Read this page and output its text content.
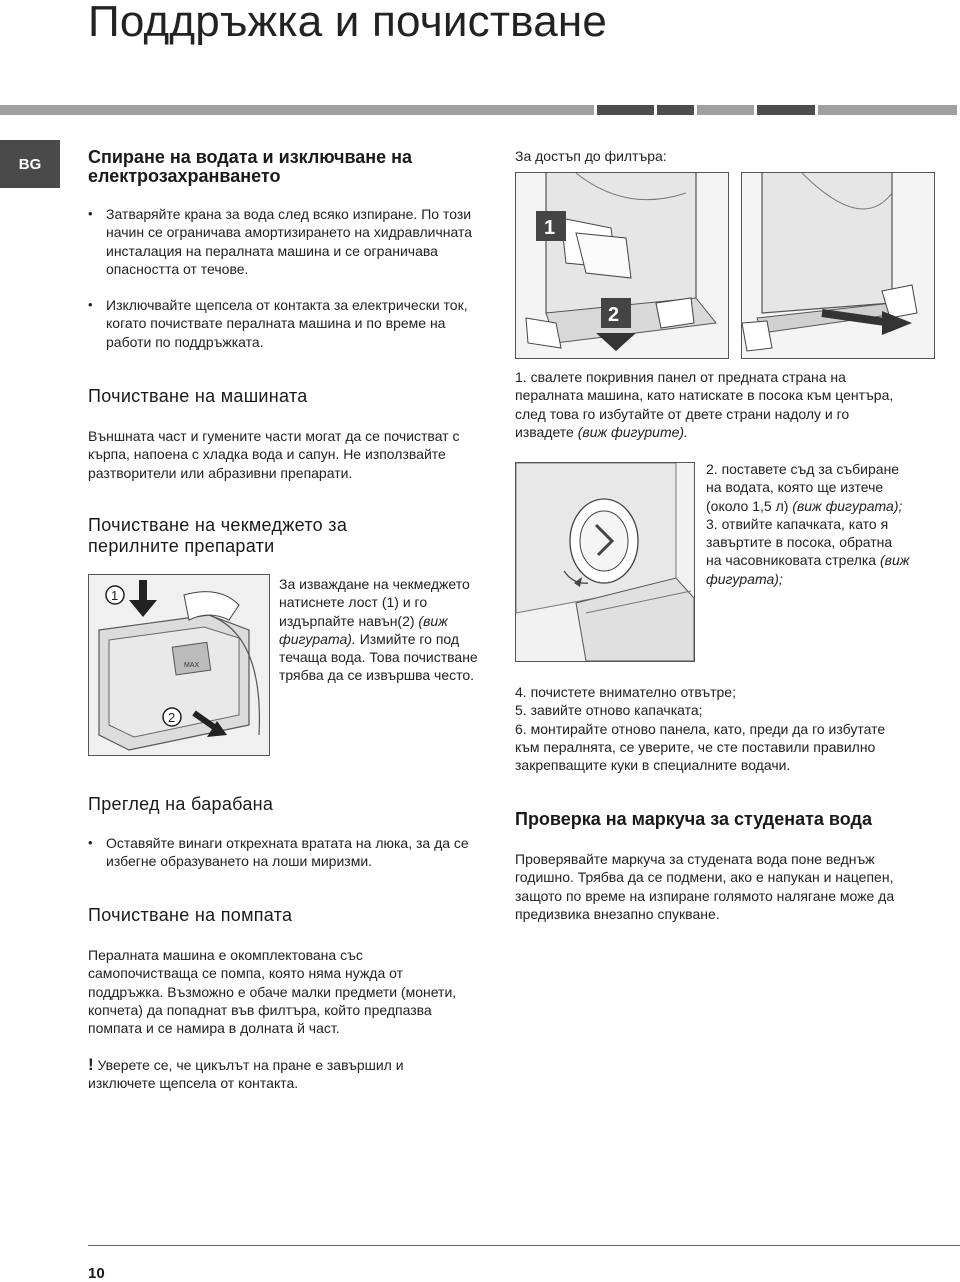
Поддръжка и почистване
BG	Спиране на водата и изключване на
електрозахранването
• Затваряйте крана за вода след всяко изпиране. По този начин се ограничава амортизирането на хидравличната инсталация на пералната машина и се ограничава опасността от течове.
• Изключвайте щепсела от контакта за електрически ток, когато почиствате пералната машина и по време на работи по поддръжката.
Почистване на машината
Външната част и гумените части могат да се почистват с кърпа, напоена с хладка вода и сапун. Не използвайте разтворители или абразивни препарати.
Почистване на чекмеджето за
перилните препарати
MAX
1
2
За изваждане на чекмеджето натиснете лост (1) и го издърпайте навън(2) (виж фигурата). Измийте го под течаща вода. Това почистване трябва да се извършва често.
Преглед на барабана
• Оставяйте винаги открехната вратата на люка, за да се избегне образуването на лоши миризми.
Почистване на помпата
Пералната машина е окомплектована със самопочистваща се помпа, която няма нужда от поддръжка. Възможно е обаче малки предмети (монети, копчета) да попаднат във филтъра, който предпазва помпата и се намира в долната й част.
! Уверете се, че цикълът на пране е завършил и изключете щепсела от контакта.
За достъп до филтъра:
1
2
1. свалете покривния панел от предната страна на пералната машина, като натискате в посока към центъра, след това го избутайте от двете страни надолу и го извадете (виж фигурите).
2. поставете съд за събиране на водата, която ще изтече (около 1,5 л) (виж фигурата);
3. отвийте капачката, като я завъртите в посока, обратна на часовниковата стрелка (виж фигурата);
4. почистете внимателно отвътре;
5. завийте отново капачката;
6. монтирайте отново панела, като, преди да го избутате към пералнята, се уверите, че сте поставили правилно закрепващите куки в специалните водачи.
Проверка на маркуча за студената вода
Проверявайте маркуча за студената вода поне веднъж годишно. Трябва да се подмени, ако е напукан и нацепен, защото по време на изпиране голямото налягане може да предизвика внезапно спукване.
10
